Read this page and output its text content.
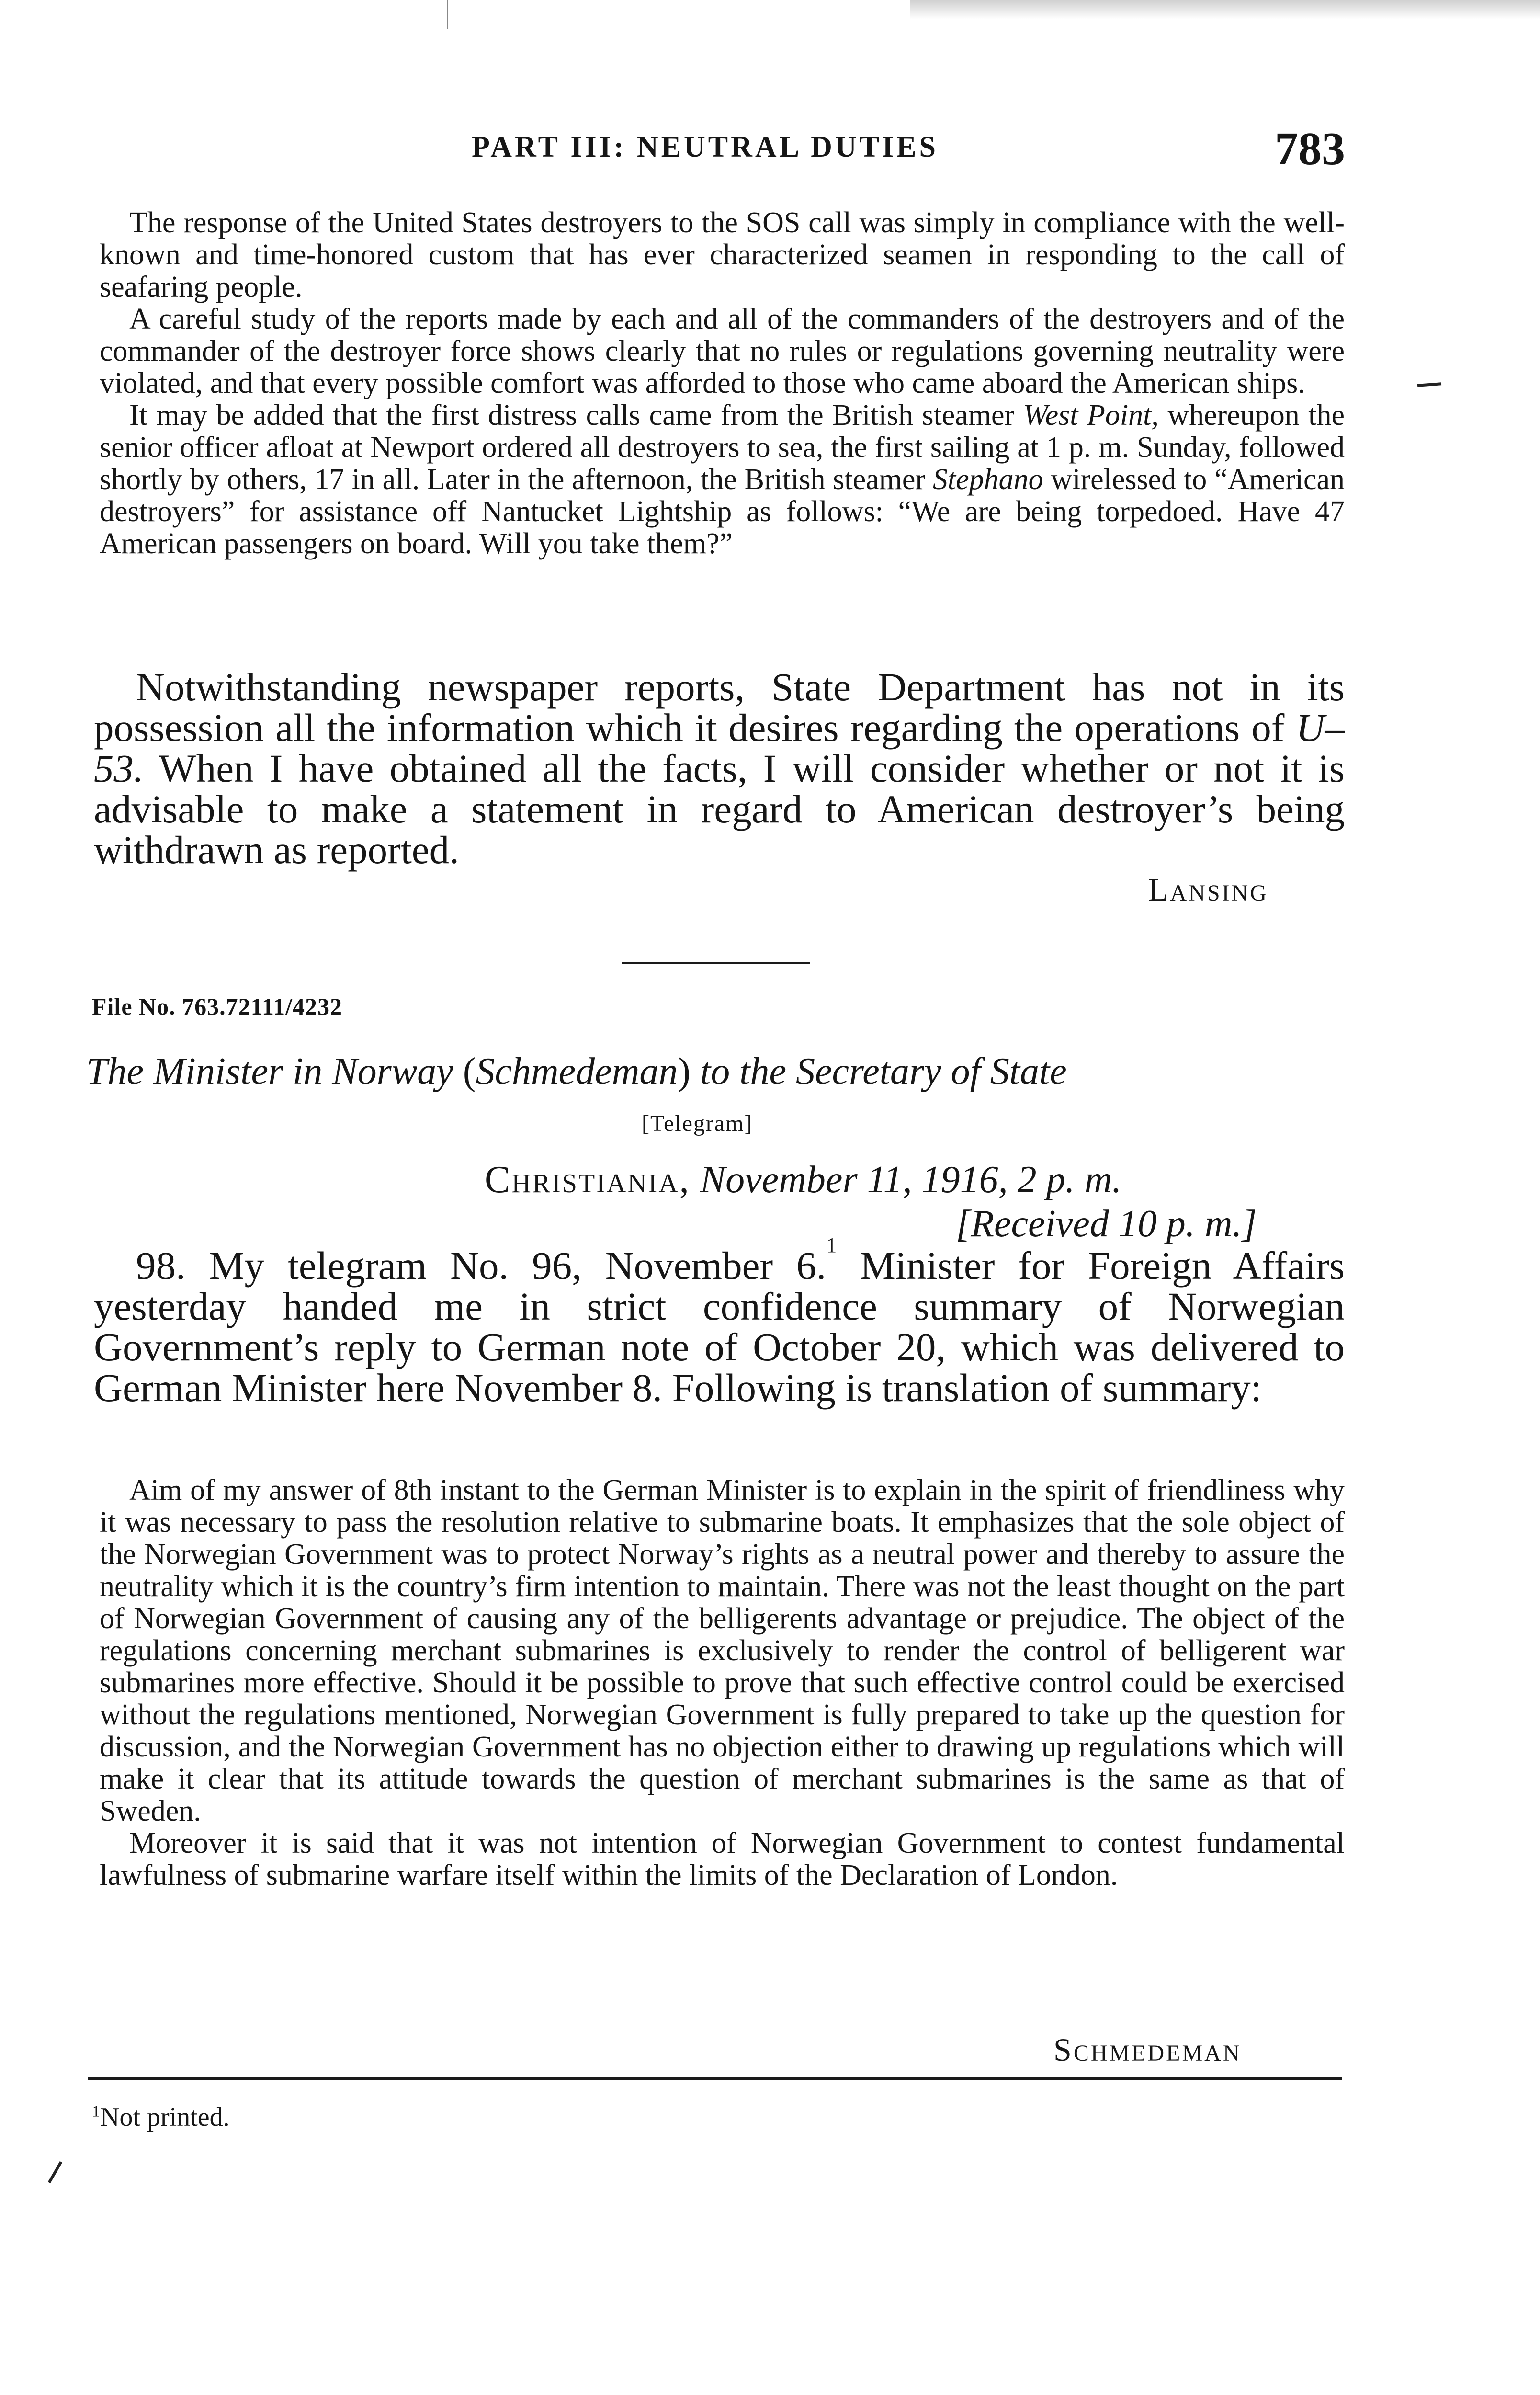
PART III: NEUTRAL DUTIES	783

The response of the United States destroyers to the SOS call was simply in compliance with the well-known and time-honored custom that has ever characterized seamen in responding to the call of seafaring people.

A careful study of the reports made by each and all of the commanders of the destroyers and of the commander of the destroyer force shows clearly that no rules or regulations governing neutrality were violated, and that every possible comfort was afforded to those who came aboard the American ships.

It may be added that the first distress calls came from the British steamer West Point, whereupon the senior officer afloat at Newport ordered all destroyers to sea, the first sailing at 1 p. m. Sunday, followed shortly by others, 17 in all. Later in the afternoon, the British steamer Stephano wirelessed to “American destroyers” for assistance off Nantucket Lightship as follows: “We are being torpedoed. Have 47 American passengers on board. Will you take them?”

Notwithstanding newspaper reports, State Department has not in its possession all the information which it desires regarding the operations of U–53. When I have obtained all the facts, I will consider whether or not it is advisable to make a statement in regard to American destroyer’s being withdrawn as reported.

Lansing
File No. 763.72111/4232
The Minister in Norway (Schmedeman) to the Secretary of State
[Telegram]
Christiania, November 11, 1916, 2 p. m.
[Received 10 p. m.]

98. My telegram No. 96, November 6.$^1$ Minister for Foreign Affairs yesterday handed me in strict confidence summary of Norwegian Government’s reply to German note of October 20, which was delivered to German Minister here November 8. Following is translation of summary:

Aim of my answer of 8th instant to the German Minister is to explain in the spirit of friendliness why it was necessary to pass the resolution relative to submarine boats. It emphasizes that the sole object of the Norwegian Government was to protect Norway’s rights as a neutral power and thereby to assure the neutrality which it is the country’s firm intention to maintain. There was not the least thought on the part of Norwegian Government of causing any of the belligerents advantage or prejudice. The object of the regulations concerning merchant submarines is exclusively to render the control of belligerent war submarines more effective. Should it be possible to prove that such effective control could be exercised without the regulations mentioned, Norwegian Government is fully prepared to take up the question for discussion, and the Norwegian Government has no objection either to drawing up regulations which will make it clear that its attitude towards the question of merchant submarines is the same as that of Sweden.

Moreover it is said that it was not intention of Norwegian Government to contest fundamental lawfulness of submarine warfare itself within the limits of the Declaration of London.

Schmedeman
$^1$Not printed.
